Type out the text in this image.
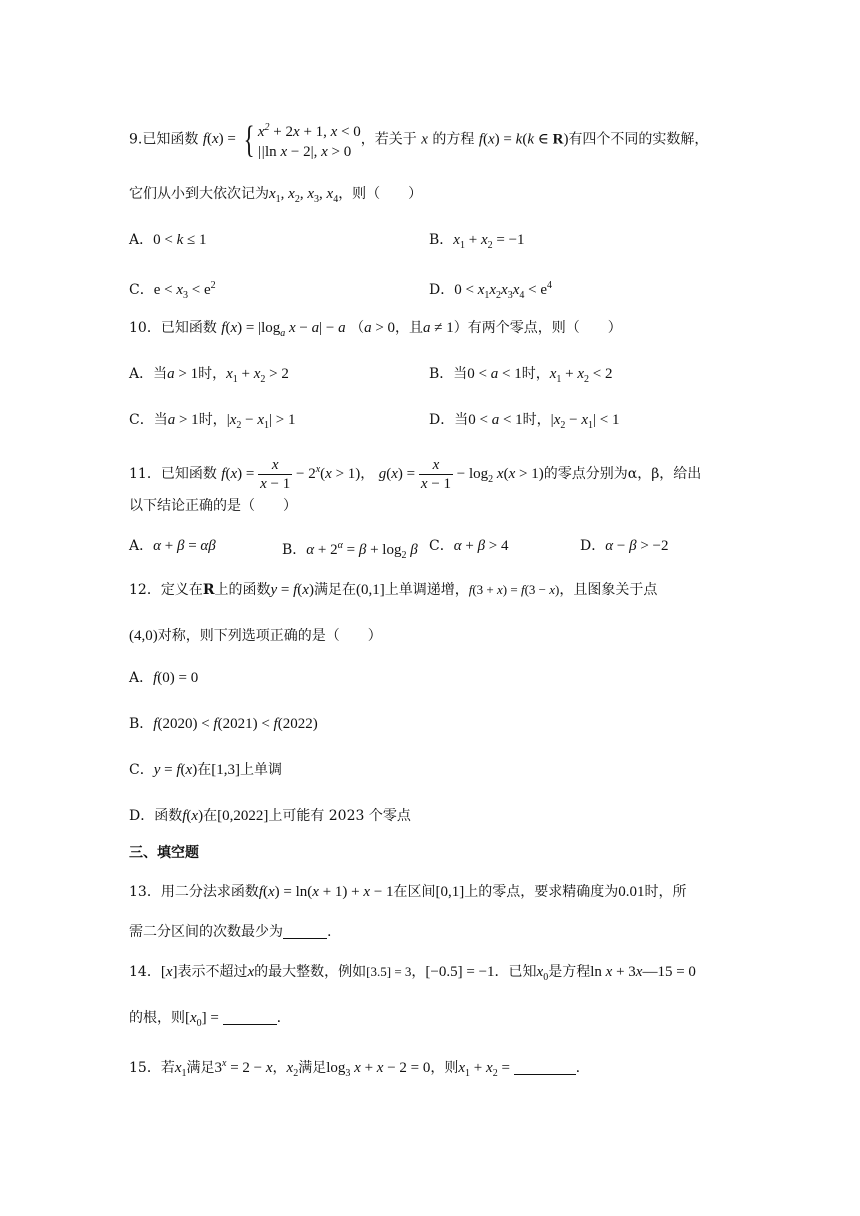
9.已知函数 f(x) = { $x^2 + 2x + 1$, x < 0
||ln x − 2|, x > 0
，若关于 x 的方程 f(x) = k(k ∈ R)有四个不同的实数解，
它们从小到大依次记为$x_1$, $x_2$, $x_3$, $x_4$，则（　　）
A．0 < k ≤ 1	B．$x_1 + x_2 = -1$
C．$e < x_3 < e^2$	D．$0 < x_1x_2x_3x_4 < e^4$
10．已知函数 $f(x) = |\log_a$ x − a| − a （a > 0，且a ≠ 1）有两个零点，则（　　）
A．当a > 1时，$x_1 + x_2 > 2$	B．当0 < a < 1时，$x_1 + x_2 < 2$
C．当a > 1时，$|x_2 - x_1| > 1$	D．当0 < a < 1时，$|x_2 - x_1| < 1$
11．已知函数 $f(x) = \frac{x}{x - 1} - 2^x(x > 1)$， $g(x) = \frac{x}{x - 1} - \log_2 x(x > 1)$的零点分别为α，β，给出
以下结论正确的是（　　）
A．α + β = αβ	B．$\alpha + 2^\alpha = \beta + \log_2 \beta$ C．α + β > 4	D．α − β > −2
12．定义在R上的函数y = f(x)满足在(0,1]上单调递增，f(3 + x) = f(3 − x)，且图象关于点
(4,0)对称，则下列选项正确的是（　　）
A．f(0) = 0
B．f(2020) < f(2021) < f(2022)
C．y = f(x)在[1,3]上单调
D．函数f(x)在[0,2022]上可能有 2023 个零点
三、填空题
13．用二分法求函数f(x) = ln(x + 1) + x − 1在区间[0,1]上的零点，要求精确度为0.01时，所
需二分区间的次数最少为	.
14．[x]表示不超过x的最大整数，例如[3.5] = 3，[−0.5] = −1．已知$x_0$是方程ln x + 3x—15 = 0
的根，则$[x_0]$ =	.
15．若$x_1$满足$3^x = 2 - x$，$x_2$满足$\log_3 x + x - 2 = 0$，则$x_1 + x_2$ =	.
